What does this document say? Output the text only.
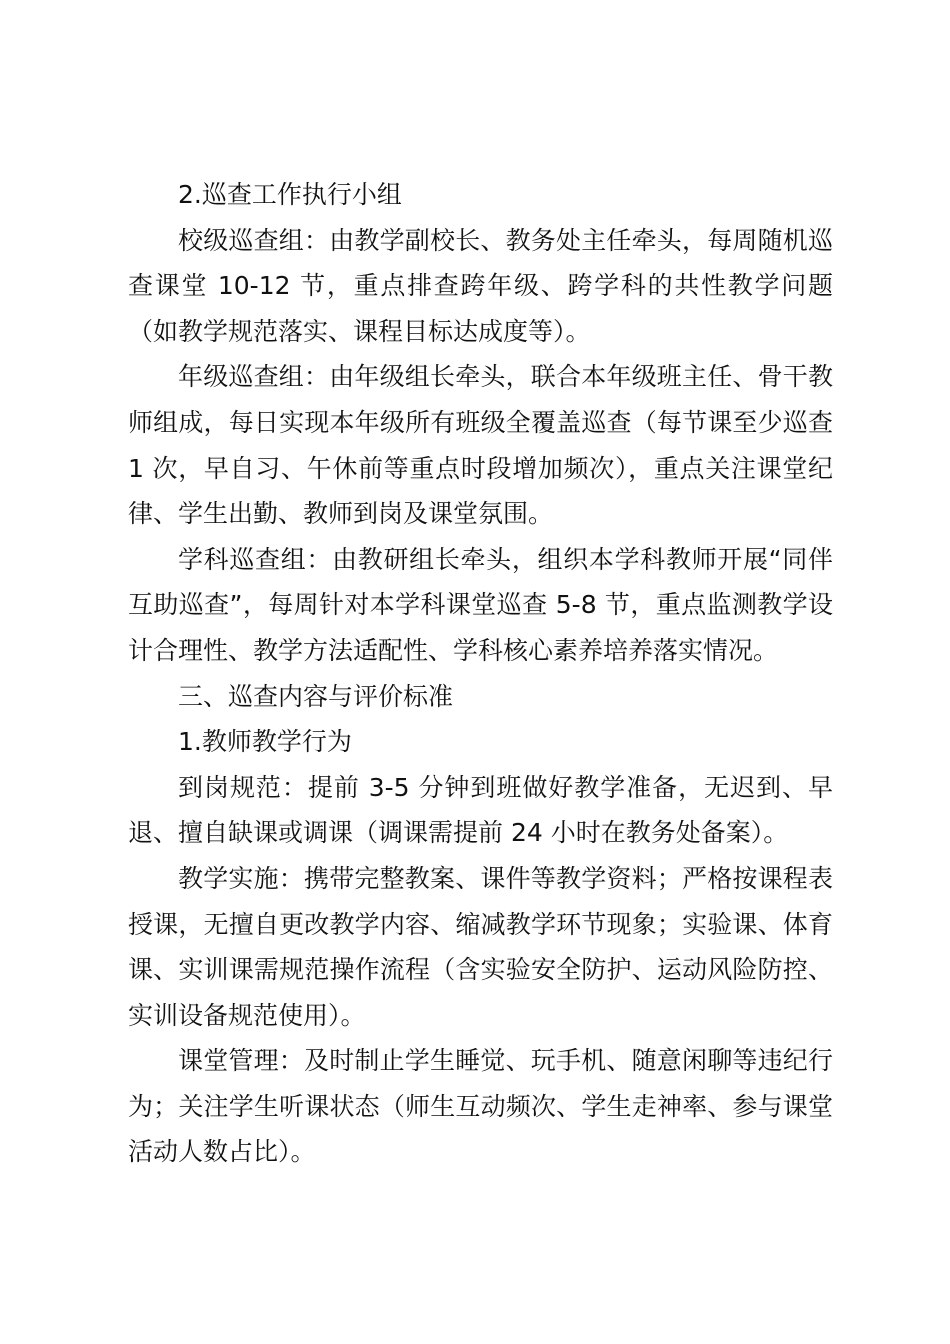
2.巡查工作执行小组

校级巡查组：由教学副校长、教务处主任牵头，每周随机巡查课堂 10-12 节，重点排查跨年级、跨学科的共性教学问题（如教学规范落实、课程目标达成度等）。

年级巡查组：由年级组长牵头，联合本年级班主任、骨干教师组成，每日实现本年级所有班级全覆盖巡查（每节课至少巡查 1 次，早自习、午休前等重点时段增加频次），重点关注课堂纪律、学生出勤、教师到岗及课堂氛围。

学科巡查组：由教研组长牵头，组织本学科教师开展“同伴互助巡查”，每周针对本学科课堂巡查 5-8 节，重点监测教学设计合理性、教学方法适配性、学科核心素养培养落实情况。

三、巡查内容与评价标准

1.教师教学行为

到岗规范：提前 3-5 分钟到班做好教学准备，无迟到、早退、擅自缺课或调课（调课需提前 24 小时在教务处备案）。

教学实施：携带完整教案、课件等教学资料；严格按课程表授课，无擅自更改教学内容、缩减教学环节现象；实验课、体育课、实训课需规范操作流程（含实验安全防护、运动风险防控、实训设备规范使用）。

课堂管理：及时制止学生睡觉、玩手机、随意闲聊等违纪行为；关注学生听课状态（师生互动频次、学生走神率、参与课堂活动人数占比）。
